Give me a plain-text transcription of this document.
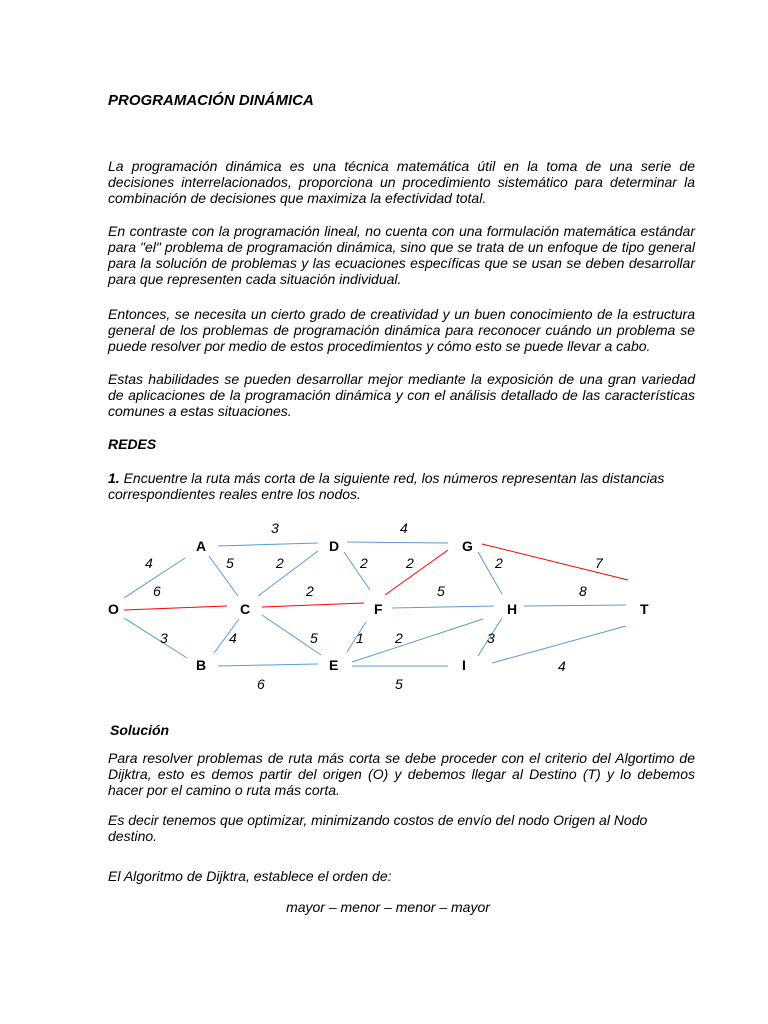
PROGRAMACIÓN DINÁMICA

La programación dinámica es una técnica matemática útil en la toma de una serie de decisiones interrelacionados, proporciona un procedimiento sistemático para determinar la combinación de decisiones que maximiza la efectividad total.

En contraste con la programación lineal, no cuenta con una formulación matemática estándar para "el" problema de programación dinámica, sino que se trata de un enfoque de tipo general para la solución de problemas y las ecuaciones específicas que se usan se deben desarrollar para que representen cada situación individual.

Entonces, se necesita un cierto grado de creatividad y un buen conocimiento de la estructura general de los problemas de programación dinámica para reconocer cuándo un problema se puede resolver por medio de estos procedimientos y cómo esto se puede llevar a cabo.

Estas habilidades se pueden desarrollar mejor mediante la exposición de una gran variedad de aplicaciones de la programación dinámica y con el análisis detallado de las características comunes a estas situaciones.

REDES

1. Encuentre la ruta más corta de la siguiente red, los números representan las distancias correspondientes reales entre los nodos.

4
6
3
3
5
4
6
2
2
5
4
2	2
1 2
5
5
2	7
3
8
4
O
A
B
C
D
E
F
G
H
I
T
Solución

Para resolver problemas de ruta más corta se debe proceder con el criterio del Algortimo de Dijktra, esto es demos partir del origen (O) y debemos llegar al Destino (T) y lo debemos hacer por el camino o ruta más corta.

Es decir tenemos que optimizar, minimizando costos de envío del nodo Origen al Nodo destino.

El Algoritmo de Dijktra, establece el orden de:

mayor – menor – menor – mayor
